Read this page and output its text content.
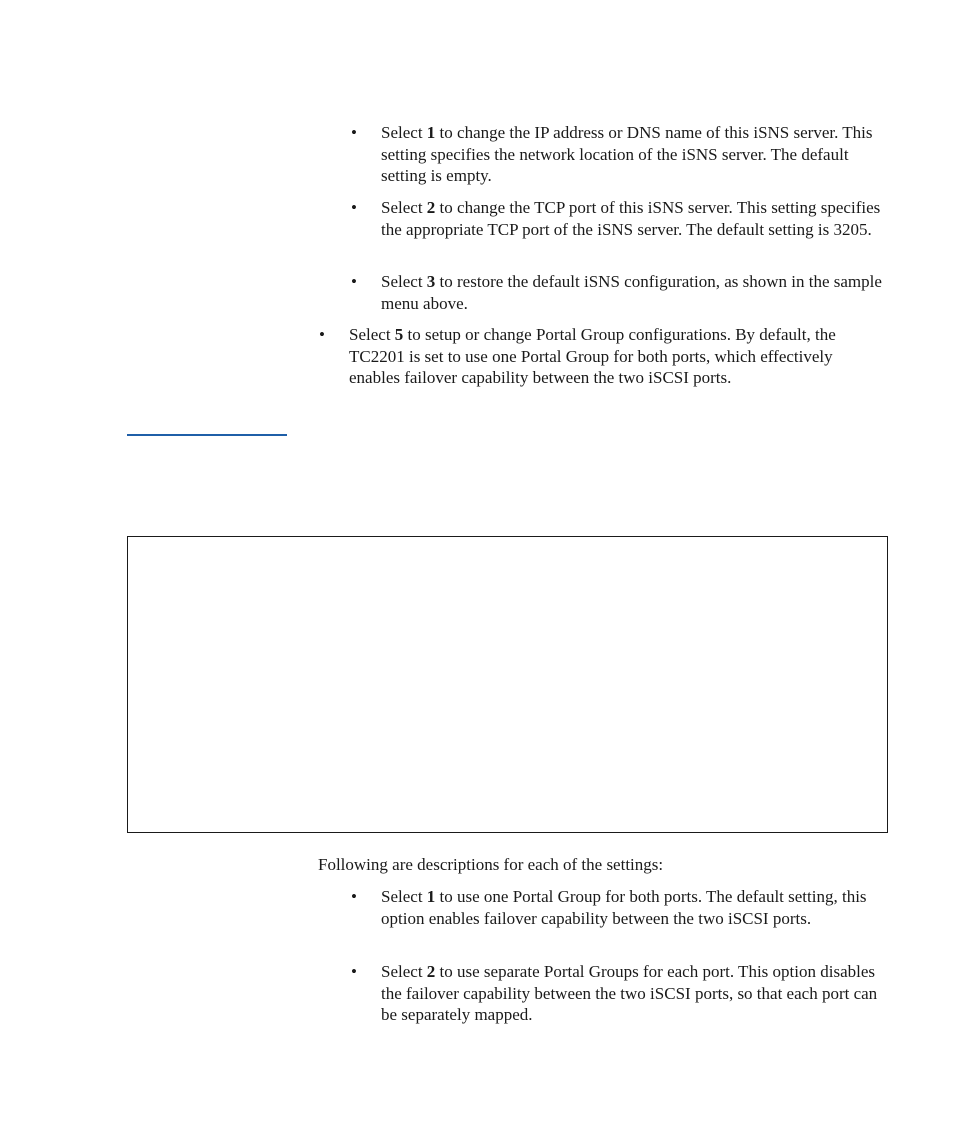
• Select 1 to change the IP address or DNS name of this iSNS server. This setting specifies the network location of the iSNS server. The default setting is empty.

• Select 2 to change the TCP port of this iSNS server. This setting specifies the appropriate TCP port of the iSNS server. The default setting is 3205.

• Select 3 to restore the default iSNS configuration, as shown in the sample menu above.

• Select 5 to setup or change Portal Group configurations. By default, the TC2201 is set to use one Portal Group for both ports, which effectively enables failover capability between the two iSCSI ports.

Following are descriptions for each of the settings:

• Select 1 to use one Portal Group for both ports. The default setting, this option enables failover capability between the two iSCSI ports.

• Select 2 to use separate Portal Groups for each port. This option disables the failover capability between the two iSCSI ports, so that each port can be separately mapped.
